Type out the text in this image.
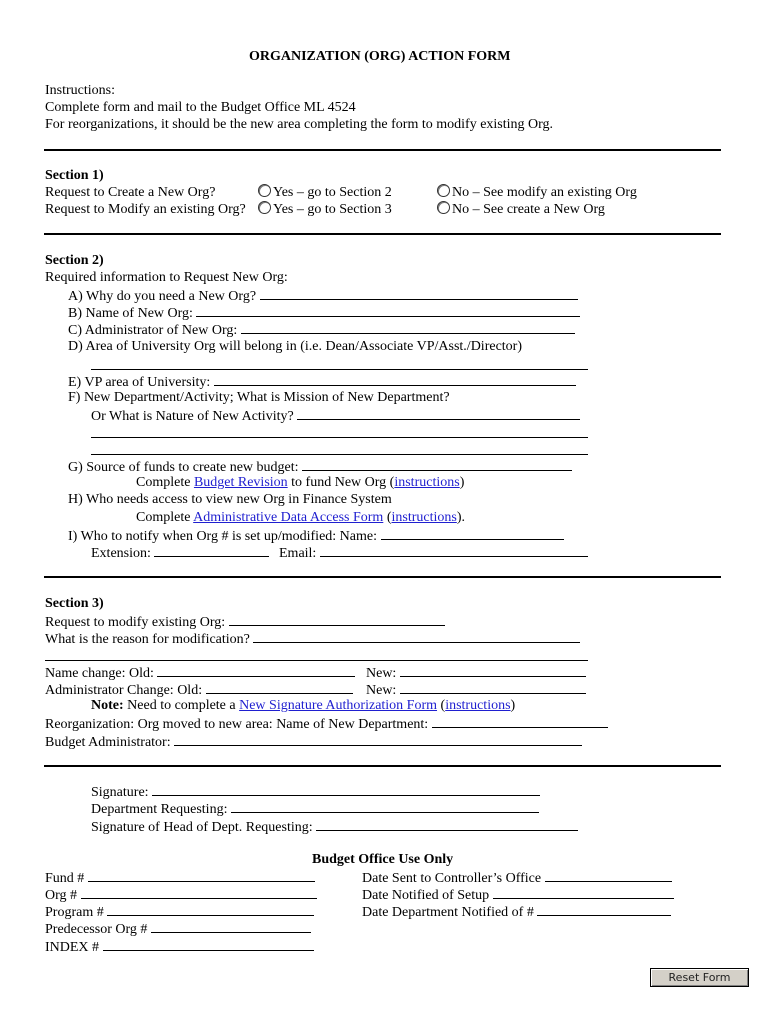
ORGANIZATION (ORG) ACTION FORM
Instructions:
Complete form and mail to the Budget Office ML 4524
For reorganizations, it should be the new area completing the form to modify existing Org.
Section 1)
Request to Create a New Org?	Yes – go to Section 2	No – See modify an existing Org
Request to Modify an existing Org?	Yes – go to Section 3	No – See create a New Org
Section 2)
Required information to Request New Org:
A) Why do you need a New Org?
B) Name of New Org:
C) Administrator of New Org:
D) Area of University Org will belong in (i.e. Dean/Associate VP/Asst./Director)
E) VP area of University:
F) New Department/Activity; What is Mission of New Department?
Or What is Nature of New Activity?
G) Source of funds to create new budget:
Complete Budget Revision to fund New Org (instructions)
H) Who needs access to view new Org in Finance System
Complete Administrative Data Access Form (instructions).
I) Who to notify when Org # is set up/modified: Name:
Extension:	Email:
Section 3)
Request to modify existing Org:
What is the reason for modification?
Name change: Old:	New:
Administrator Change: Old:	New:
Note: Need to complete a New Signature Authorization Form (instructions)
Reorganization: Org moved to new area: Name of New Department:
Budget Administrator:
Signature:
Department Requesting:
Signature of Head of Dept. Requesting:
Budget Office Use Only
Fund #
Org #
Program #
Predecessor Org #
INDEX #
Date Sent to Controller’s Office
Date Notified of Setup
Date Department Notified of #
Reset Form
